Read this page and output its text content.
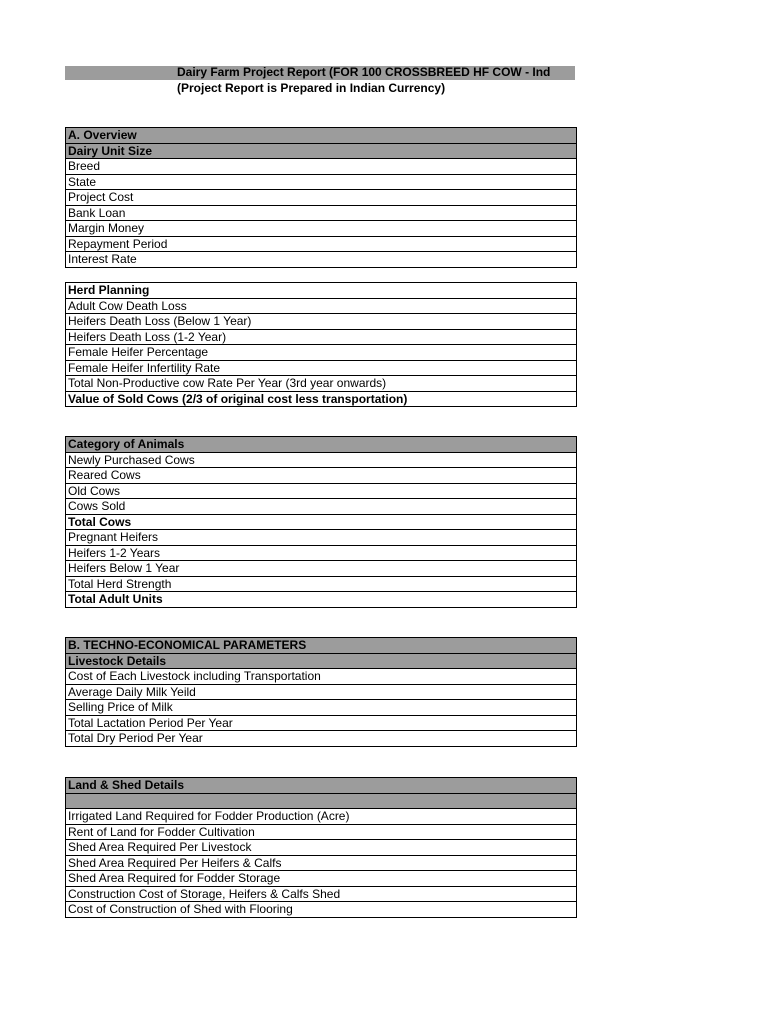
Dairy Farm Project Report (FOR 100 CROSSBREED HF COW - Ind
(Project Report is Prepared in Indian Currency)
A. Overview
Dairy Unit Size
Breed
State
Project Cost
Bank Loan
Margin Money
Repayment Period
Interest Rate
Herd Planning
Adult Cow Death Loss
Heifers Death Loss (Below 1 Year)
Heifers Death Loss (1-2 Year)
Female Heifer Percentage
Female Heifer Infertility Rate
Total Non-Productive cow Rate Per Year (3rd year onwards)
Value of Sold Cows (2/3 of original cost less transportation)
Category of Animals
Newly Purchased Cows
Reared Cows
Old Cows
Cows Sold
Total Cows
Pregnant Heifers
Heifers 1-2 Years
Heifers Below 1 Year
Total Herd Strength
Total Adult Units
B. TECHNO-ECONOMICAL PARAMETERS
Livestock Details
Cost of Each Livestock including Transportation
Average Daily Milk Yeild
Selling Price of Milk
Total Lactation Period Per Year
Total Dry Period Per Year
Land & Shed Details
Irrigated Land Required for Fodder Production (Acre)
Rent of Land for Fodder Cultivation
Shed Area Required Per Livestock
Shed Area Required Per Heifers & Calfs
Shed Area Required for Fodder Storage
Construction Cost of Storage, Heifers & Calfs Shed
Cost of Construction of Shed with Flooring
